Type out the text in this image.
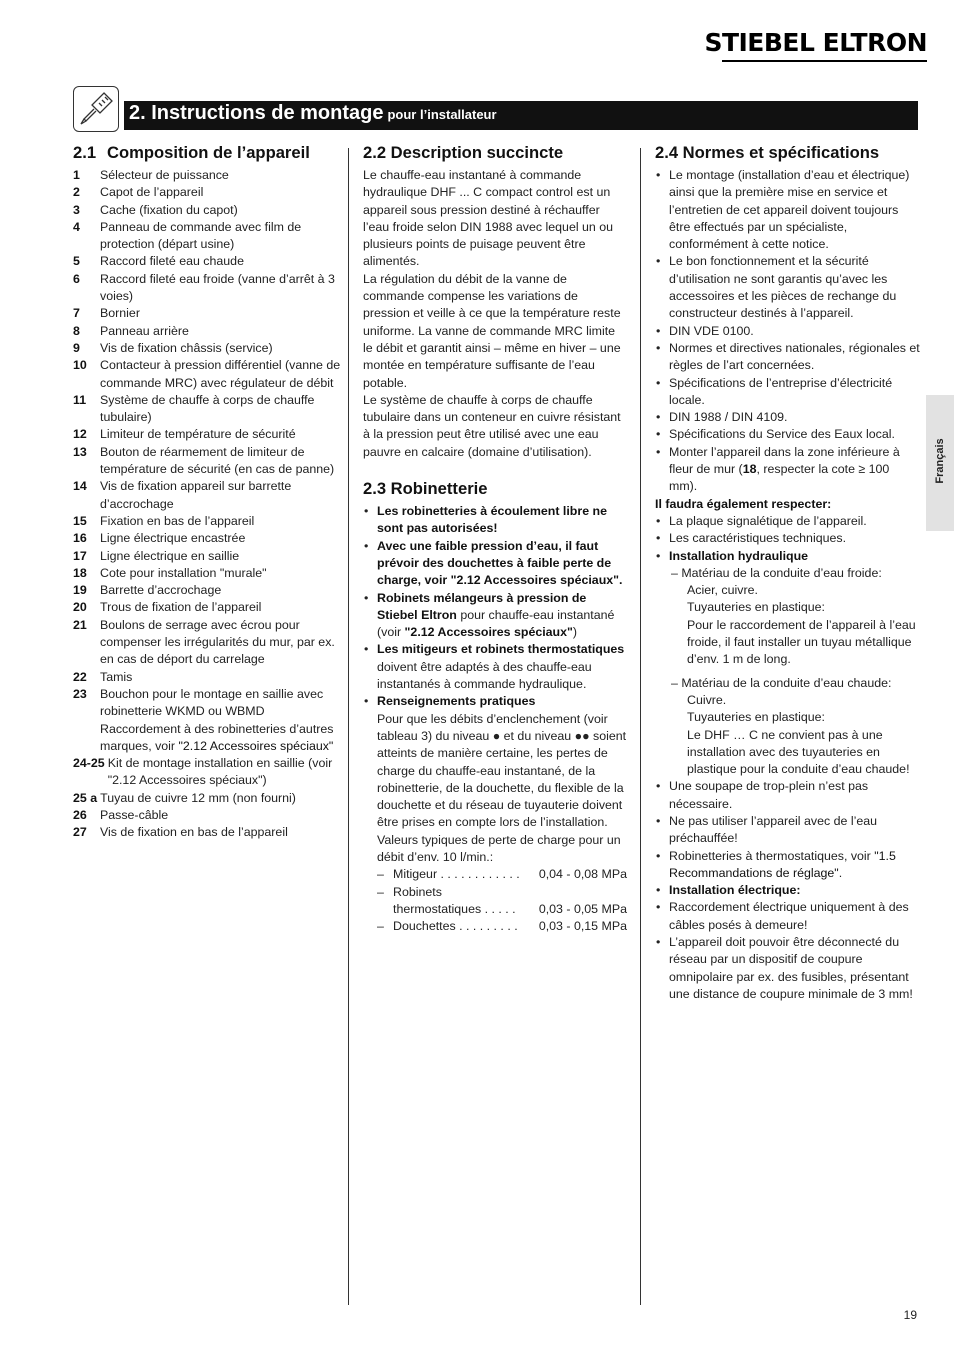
STIEBEL ELTRON
2. Instructions de montage pour l’installateur
2.1 Composition de l’appareil
1	Sélecteur de puissance
2	Capot de l’appareil
3	Cache (fixation du capot)
4	Panneau de commande avec film de protection (départ usine)
5	Raccord fileté eau chaude
6	Raccord fileté eau froide (vanne d’arrêt à 3 voies)
7	Bornier
8	Panneau arrière
9	Vis de fixation châssis (service)
10	Contacteur à pression différentiel (vanne de commande MRC) avec régulateur de débit
11	Système de chauffe à corps de chauffe tubulaire)
12	Limiteur de température de sécurité
13	Bouton de réarmement de limiteur de température de sécurité (en cas de panne)
14	Vis de fixation appareil sur barrette d’accrochage
15	Fixation en bas de l’appareil
16	Ligne électrique encastrée
17	Ligne électrique en saillie
18	Cote pour installation "murale"
19	Barrette d’accrochage
20	Trous de fixation de l’appareil
21	Boulons de serrage avec écrou pour compenser les irrégularités du mur, par ex. en cas de déport du carrelage
22	Tamis
23	Bouchon pour le montage en saillie avec robinetterie WKMD ou WBMD Raccordement à des robinetteries d’autres marques, voir "2.12 Accessoires spéciaux"
24-25 Kit de montage installation en saillie (voir "2.12 Accessoires spéciaux")
25 a Tuyau de cuivre 12 mm (non fourni)
26	Passe-câble
27	Vis de fixation en bas de l’appareil
2.2 Description succincte

Le chauffe-eau instantané à commande hydraulique DHF ... C compact control est un appareil sous pression destiné à réchauffer l’eau froide selon DIN 1988 avec lequel un ou plusieurs points de puisage peuvent être alimentés.

La régulation du débit de la vanne de commande compense les variations de pression et veille à ce que la température reste uniforme. La vanne de commande MRC limite le débit et garantit ainsi – même en hiver – une montée en température suffisante de l’eau potable.

Le système de chauffe à corps de chauffe tubulaire dans un conteneur en cuivre résistant à la pression peut être utilisé avec une eau pauvre en calcaire (domaine d’utilisation).

2.3 Robinetterie
• Les robinetteries à écoulement libre ne sont pas autorisées!
• Avec une faible pression d’eau, il faut prévoir des douchettes à faible perte de charge, voir "2.12 Accessoires spéciaux".
• Robinets mélangeurs à pression de Stiebel Eltron pour chauffe-eau instantané (voir "2.12 Accessoires spéciaux")
• Les mitigeurs et robinets thermostatiques doivent être adaptés à des chauffe-eau instantanés à commande hydraulique.
• Renseignements pratiques
Pour que les débits d’enclenchement (voir tableau 3) du niveau ● et du niveau ●● soient atteints de manière certaine, les pertes de charge du chauffe-eau instantané, de la robinetterie, de la douchette, du flexible de la douchette et du réseau de tuyauterie doivent être prises en compte lors de l’installation. Valeurs typiques de perte de charge pour un débit d’env. 10 l/min.:
– Mitigeur . . . . . . . . . . . .	0,04 - 0,08 MPa
– Robinets
thermostatiques . . . . .	0,03 - 0,05 MPa
– Douchettes . . . . . . . . .	0,03 - 0,15 MPa
2.4 Normes et spécifications
• Le montage (installation d’eau et électrique) ainsi que la première mise en service et l’entretien de cet appareil doivent toujours être effectués par un spécialiste, conformément à cette notice.
• Le bon fonctionnement et la sécurité d’utilisation ne sont garantis qu’avec les accessoires et les pièces de rechange du constructeur destinés à l’appareil.
• DIN VDE 0100.
• Normes et directives nationales, régionales et règles de l’art concernées.
• Spécifications de l’entreprise d’électricité locale.
• DIN 1988 / DIN 4109.
• Spécifications du Service des Eaux local.
• Monter l’appareil dans la zone inférieure à fleur de mur (18, respecter la cote ≥ 100 mm).

Il faudra également respecter:

• La plaque signalétique de l’appareil.
• Les caractéristiques techniques.
• Installation hydraulique
– Matériau de la conduite d’eau froide:
Acier, cuivre.
Tuyauteries en plastique:
Pour le raccordement de l’appareil à l’eau froide, il faut installer un tuyau métallique d’env. 1 m de long.
– Matériau de la conduite d’eau chaude:
Cuivre.
Tuyauteries en plastique:
Le DHF … C ne convient pas à une installation avec des tuyauteries en plastique pour la conduite d’eau chaude!
• Une soupape de trop-plein n’est pas nécessaire.
• Ne pas utiliser l’appareil avec de l’eau préchauffée!
• Robinetteries à thermostatiques, voir "1.5 Recommandations de réglage".
• Installation électrique:
• Raccordement électrique uniquement à des câbles posés à demeure!
• L’appareil doit pouvoir être déconnecté du réseau par un dispositif de coupure omnipolaire par ex. des fusibles, présentant une distance de coupure minimale de 3 mm!
Français
19
